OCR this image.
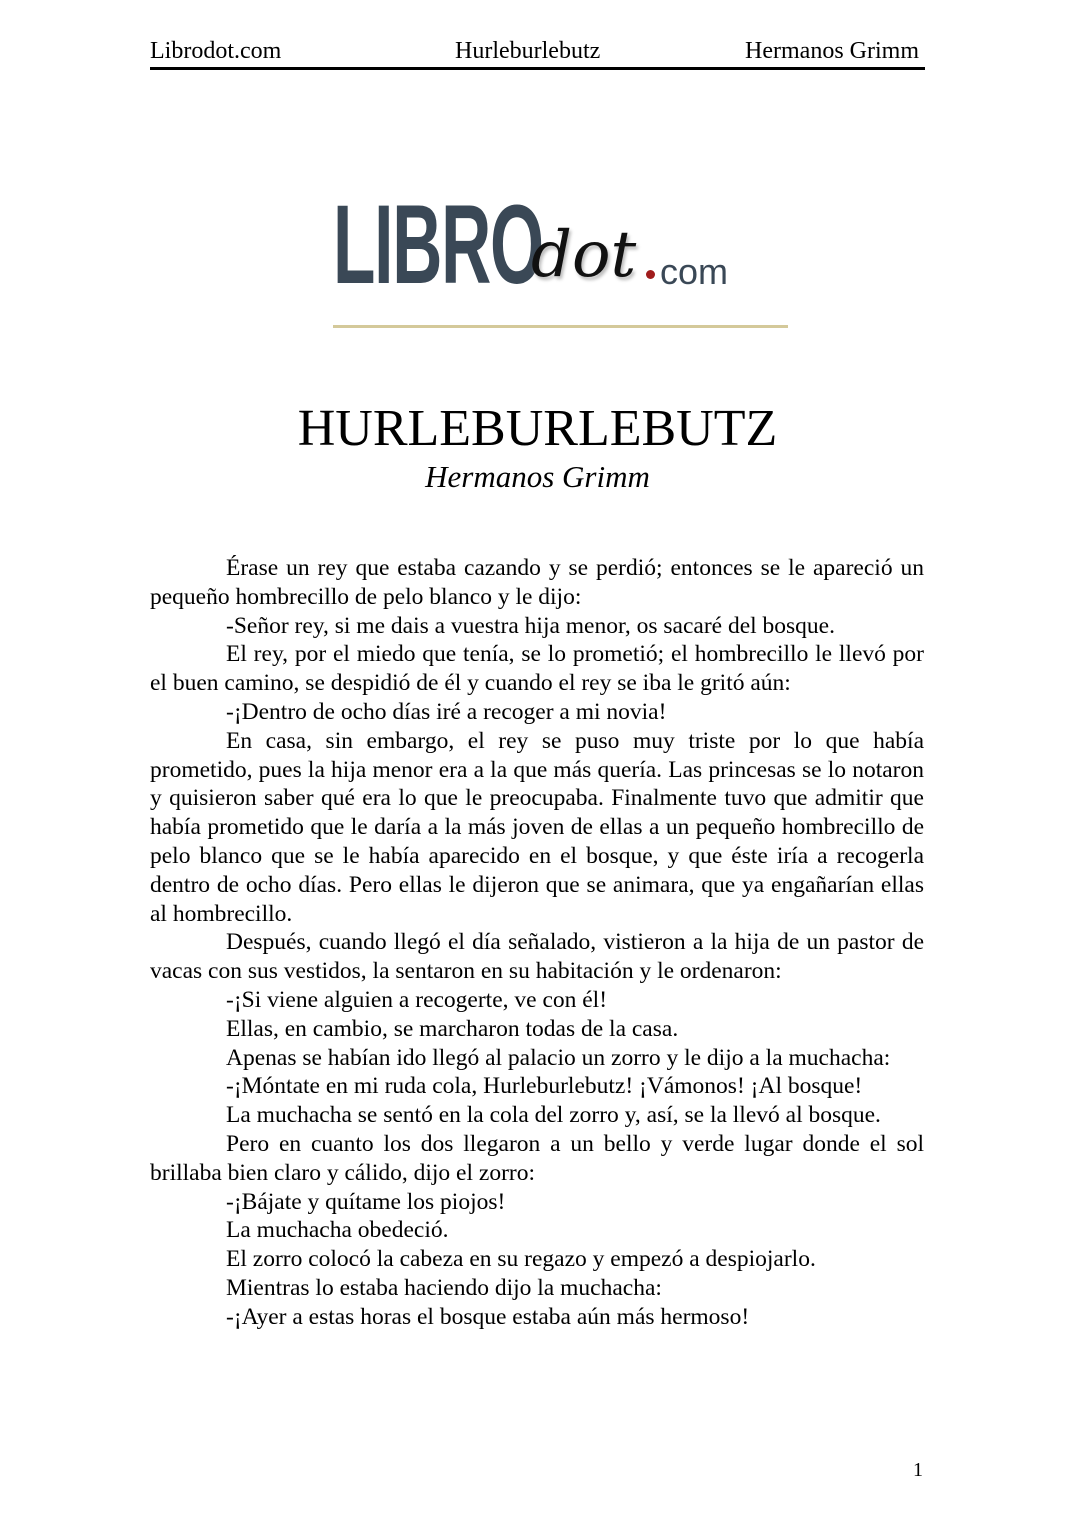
Librodot.com	Hurleburlebutz	Hermanos Grimm
LIBRO
dot com
HURLEBURLEBUTZ
Hermanos Grimm

Érase un rey que estaba cazando y se perdió; entonces se le apareció un pequeño hombrecillo de pelo blanco y le dijo:

-Señor rey, si me dais a vuestra hija menor, os sacaré del bosque.

El rey, por el miedo que tenía, se lo prometió; el hombrecillo le llevó por el buen camino, se despidió de él y cuando el rey se iba le gritó aún:

-¡Dentro de ocho días iré a recoger a mi novia!

En casa, sin embargo, el rey se puso muy triste por lo que había prometido, pues la hija menor era a la que más quería. Las princesas se lo notaron y quisieron saber qué era lo que le preocupaba. Finalmente tuvo que admitir que había prometido que le daría a la más joven de ellas a un pequeño hombrecillo de pelo blanco que se le había aparecido en el bosque, y que éste iría a recogerla dentro de ocho días. Pero ellas le dijeron que se animara, que ya engañarían ellas al hombrecillo.

Después, cuando llegó el día señalado, vistieron a la hija de un pastor de vacas con sus vestidos, la sentaron en su habitación y le ordenaron:

-¡Si viene alguien a recogerte, ve con él!

Ellas, en cambio, se marcharon todas de la casa.

Apenas se habían ido llegó al palacio un zorro y le dijo a la muchacha:

-¡Móntate en mi ruda cola, Hurleburlebutz! ¡Vámonos! ¡Al bosque!

La muchacha se sentó en la cola del zorro y, así, se la llevó al bosque.

Pero en cuanto los dos llegaron a un bello y verde lugar donde el sol brillaba bien claro y cálido, dijo el zorro:

-¡Bájate y quítame los piojos!

La muchacha obedeció.

El zorro colocó la cabeza en su regazo y empezó a despiojarlo.

Mientras lo estaba haciendo dijo la muchacha:

-¡Ayer a estas horas el bosque estaba aún más hermoso!

1
